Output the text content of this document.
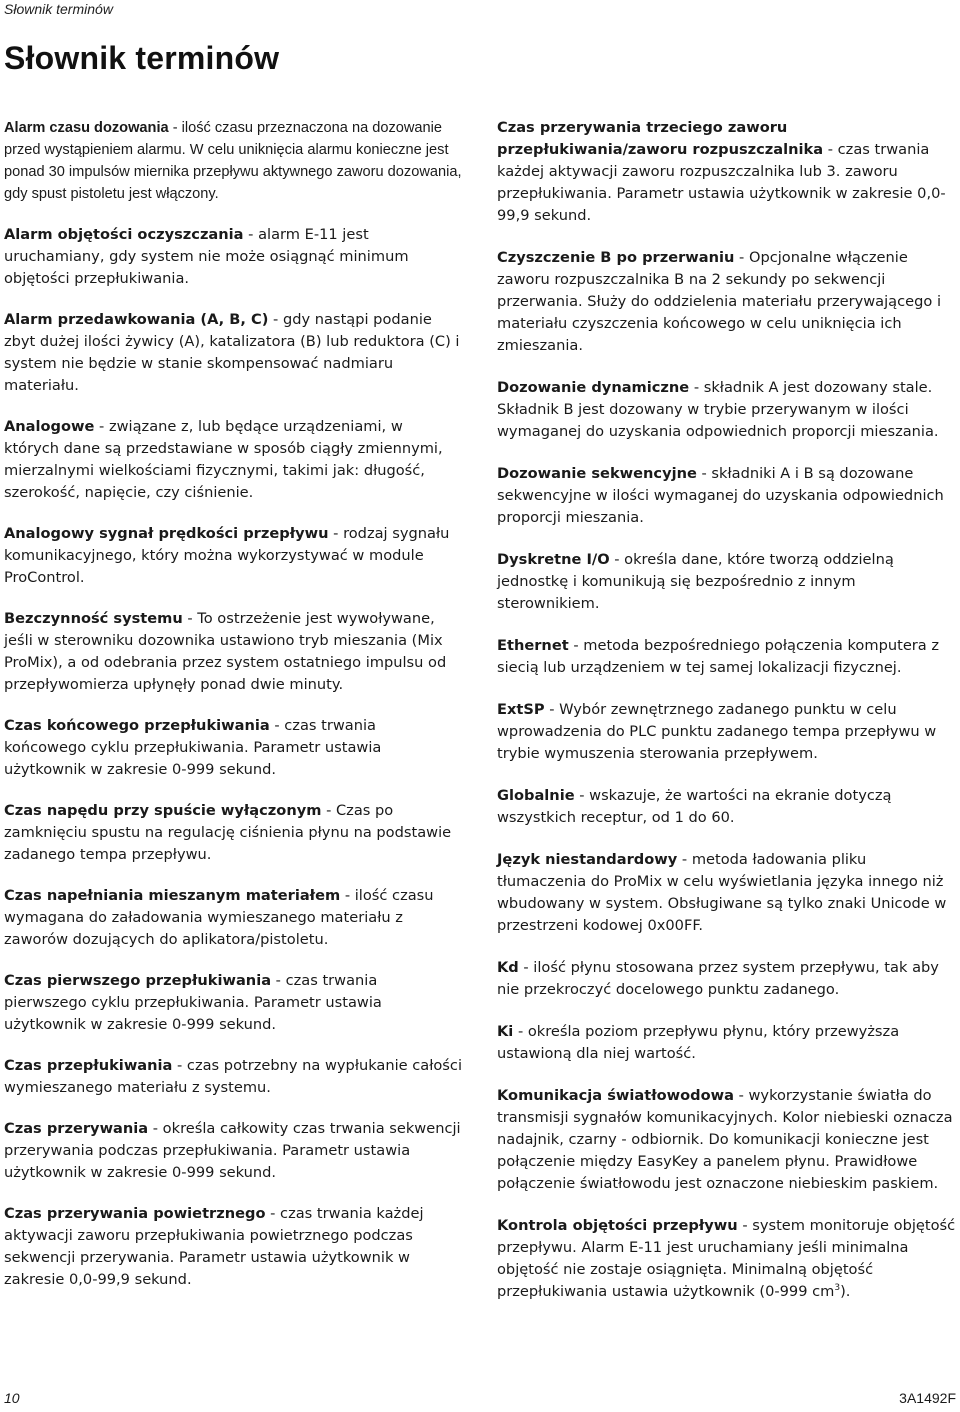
Słownik terminów
Słownik terminów

Alarm czasu dozowania - ilość czasu przeznaczona na dozowanie przed wystąpieniem alarmu. W celu uniknięcia alarmu konieczne jest ponad 30 impulsów miernika przepływu aktywnego zaworu dozowania, gdy spust pistoletu jest włączony.

Alarm objętości oczyszczania - alarm E-11 jest uruchamiany, gdy system nie może osiągnąć minimum objętości przepłukiwania.

Alarm przedawkowania (A, B, C) - gdy nastąpi podanie zbyt dużej ilości żywicy (A), katalizatora (B) lub reduktora (C) i system nie będzie w stanie skompensować nadmiaru materiału.

Analogowe - związane z, lub będące urządzeniami, w których dane są przedstawiane w sposób ciągły zmiennymi, mierzalnymi wielkościami fizycznymi, takimi jak: długość, szerokość, napięcie, czy ciśnienie.

Analogowy sygnał prędkości przepływu - rodzaj sygnału komunikacyjnego, który można wykorzystywać w module ProControl.

Bezczynność systemu - To ostrzeżenie jest wywoływane, jeśli w sterowniku dozownika ustawiono tryb mieszania (Mix ProMix), a od odebrania przez system ostatniego impulsu od przepływomierza upłynęły ponad dwie minuty.

Czas końcowego przepłukiwania - czas trwania końcowego cyklu przepłukiwania. Parametr ustawia użytkownik w zakresie 0-999 sekund.

Czas napędu przy spuście wyłączonym - Czas po zamknięciu spustu na regulację ciśnienia płynu na podstawie zadanego tempa przepływu.

Czas napełniania mieszanym materiałem - ilość czasu wymagana do załadowania wymieszanego materiału z zaworów dozujących do aplikatora/pistoletu.

Czas pierwszego przepłukiwania - czas trwania pierwszego cyklu przepłukiwania. Parametr ustawia użytkownik w zakresie 0-999 sekund.

Czas przepłukiwania - czas potrzebny na wypłukanie całości wymieszanego materiału z systemu.

Czas przerywania - określa całkowity czas trwania sekwencji przerywania podczas przepłukiwania. Parametr ustawia użytkownik w zakresie 0-999 sekund.

Czas przerywania powietrznego - czas trwania każdej aktywacji zaworu przepłukiwania powietrznego podczas sekwencji przerywania. Parametr ustawia użytkownik w zakresie 0,0-99,9 sekund.

Czas przerywania trzeciego zaworu przepłukiwania/zaworu rozpuszczalnika - czas trwania każdej aktywacji zaworu rozpuszczalnika lub 3. zaworu przepłukiwania. Parametr ustawia użytkownik w zakresie 0,0-99,9 sekund.

Czyszczenie B po przerwaniu - Opcjonalne włączenie zaworu rozpuszczalnika B na 2 sekundy po sekwencji przerwania. Służy do oddzielenia materiału przerywającego i materiału czyszczenia końcowego w celu uniknięcia ich zmieszania.

Dozowanie dynamiczne - składnik A jest dozowany stale. Składnik B jest dozowany w trybie przerywanym w ilości wymaganej do uzyskania odpowiednich proporcji mieszania.

Dozowanie sekwencyjne - składniki A i B są dozowane sekwencyjne w ilości wymaganej do uzyskania odpowiednich proporcji mieszania.

Dyskretne I/O - określa dane, które tworzą oddzielną jednostkę i komunikują się bezpośrednio z innym sterownikiem.

Ethernet - metoda bezpośredniego połączenia komputera z siecią lub urządzeniem w tej samej lokalizacji fizycznej.

ExtSP - Wybór zewnętrznego zadanego punktu w celu wprowadzenia do PLC punktu zadanego tempa przepływu w trybie wymuszenia sterowania przepływem.

Globalnie - wskazuje, że wartości na ekranie dotyczą wszystkich receptur, od 1 do 60.

Język niestandardowy - metoda ładowania pliku tłumaczenia do ProMix w celu wyświetlania języka innego niż wbudowany w system. Obsługiwane są tylko znaki Unicode w przestrzeni kodowej 0x00FF.

Kd - ilość płynu stosowana przez system przepływu, tak aby nie przekroczyć docelowego punktu zadanego.

Ki - określa poziom przepływu płynu, który przewyższa ustawioną dla niej wartość.

Komunikacja światłowodowa - wykorzystanie światła do transmisji sygnałów komunikacyjnych. Kolor niebieski oznacza nadajnik, czarny - odbiornik. Do komunikacji konieczne jest połączenie między EasyKey a panelem płynu. Prawidłowe połączenie światłowodu jest oznaczone niebieskim paskiem.

Kontrola objętości przepływu - system monitoruje objętość przepływu. Alarm E-11 jest uruchamiany jeśli minimalna objętość nie zostaje osiągnięta. Minimalną objętość przepłukiwania ustawia użytkownik (0-999 $cm^3$).

10	3A1492F
